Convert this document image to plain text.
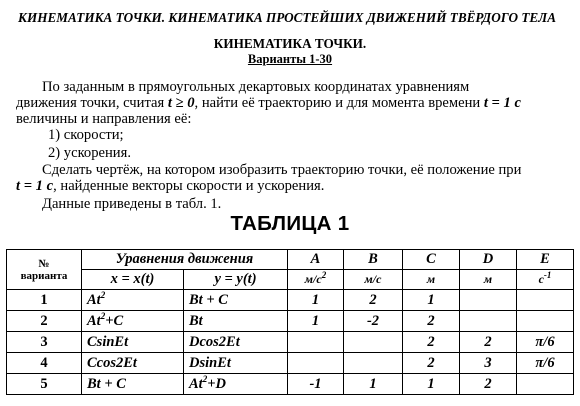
КИНЕМАТИКА ТОЧКИ. КИНЕМАТИКА ПРОСТЕЙШИХ ДВИЖЕНИЙ ТВЁРДОГО ТЕЛА
КИНЕМАТИКА ТОЧКИ.
Варианты 1-30
По заданным в прямоугольных декартовых координатах уравнениям
движения точки, считая t ≥ 0, найти её траекторию и для момента времени t = 1 с
величины и направления её:
1) скорости;
2) ускорения.
Сделать чертёж, на котором изобразить траекторию точки, её положение при
t = 1 с, найденные векторы скорости и ускорения.
Данные приведены в табл. 1.
ТАБЛИЦА 1
№
варианта	Уравнения движения		A	B	C	D	E
	x = x(t)	y = y(t)	$м/с^2$	м/с	м	м	$с^{-1}$
1	At$^2$	Bt + C	1	2	1		
2	$At^2+C$	Bt	1	-2	2		
3	CsinEt	Dcos2Et			2	2	π/6
4	Ccos2Et	DsinEt			2	3	π/6
5	Bt + C	$At^2+D$	-1	1	1	2	
